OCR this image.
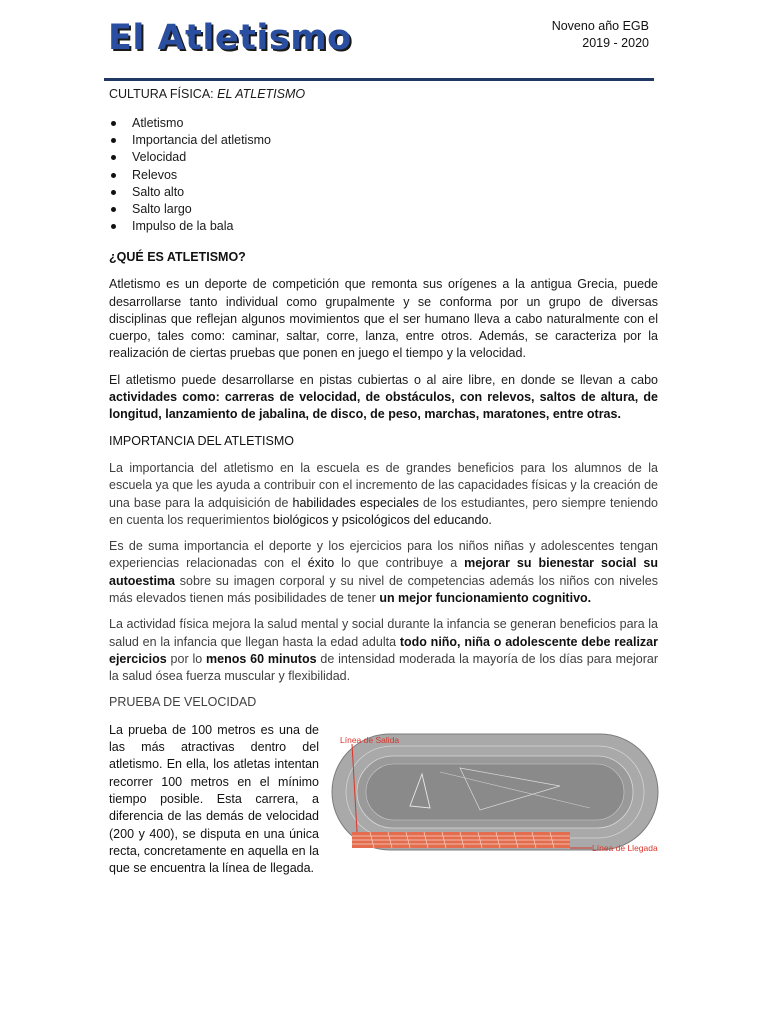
El Atletismo	Noveno año EGB
2019 - 2020

CULTURA FÍSICA: EL ATLETISMO

Atletismo
Importancia del atletismo
Velocidad
Relevos
Salto alto
Salto largo
Impulso de la bala
¿QUÉ ES ATLETISMO?

Atletismo es un deporte de competición que remonta sus orígenes a la antigua Grecia, puede desarrollarse tanto individual como grupalmente y se conforma por un grupo de diversas disciplinas que reflejan algunos movimientos que el ser humano lleva a cabo naturalmente con el cuerpo, tales como: caminar, saltar, corre, lanza, entre otros. Además, se caracteriza por la realización de ciertas pruebas que ponen en juego el tiempo y la velocidad.

El atletismo puede desarrollarse en pistas cubiertas o al aire libre, en donde se llevan a cabo actividades como: carreras de velocidad, de obstáculos, con relevos, saltos de altura, de longitud, lanzamiento de jabalina, de disco, de peso, marchas, maratones, entre otras.

IMPORTANCIA DEL ATLETISMO

La importancia del atletismo en la escuela es de grandes beneficios para los alumnos de la escuela ya que les ayuda a contribuir con el incremento de las capacidades físicas y la creación de una base para la adquisición de habilidades especiales de los estudiantes, pero siempre teniendo en cuenta los requerimientos biológicos y psicológicos del educando.

Es de suma importancia el deporte y los ejercicios para los niños niñas y adolescentes tengan experiencias relacionadas con el éxito lo que contribuye a mejorar su bienestar social su autoestima sobre su imagen corporal y su nivel de competencias además los niños con niveles más elevados tienen más posibilidades de tener un mejor funcionamiento cognitivo.

La actividad física mejora la salud mental y social durante la infancia se generan beneficios para la salud en la infancia que llegan hasta la edad adulta todo niño, niña o adolescente debe realizar ejercicios por lo menos 60 minutos de intensidad moderada la mayoría de los días para mejorar la salud ósea fuerza muscular y flexibilidad.

PRUEBA DE VELOCIDAD

La prueba de 100 metros es una de las más atractivas dentro del atletismo. En ella, los atletas intentan recorrer 100 metros en el mínimo tiempo posible. Esta carrera, a diferencia de las demás de velocidad (200 y 400), se disputa en una única recta, concretamente en aquella en la que se encuentra la línea de llegada.

Línea de Salida
Línea de Llegada
